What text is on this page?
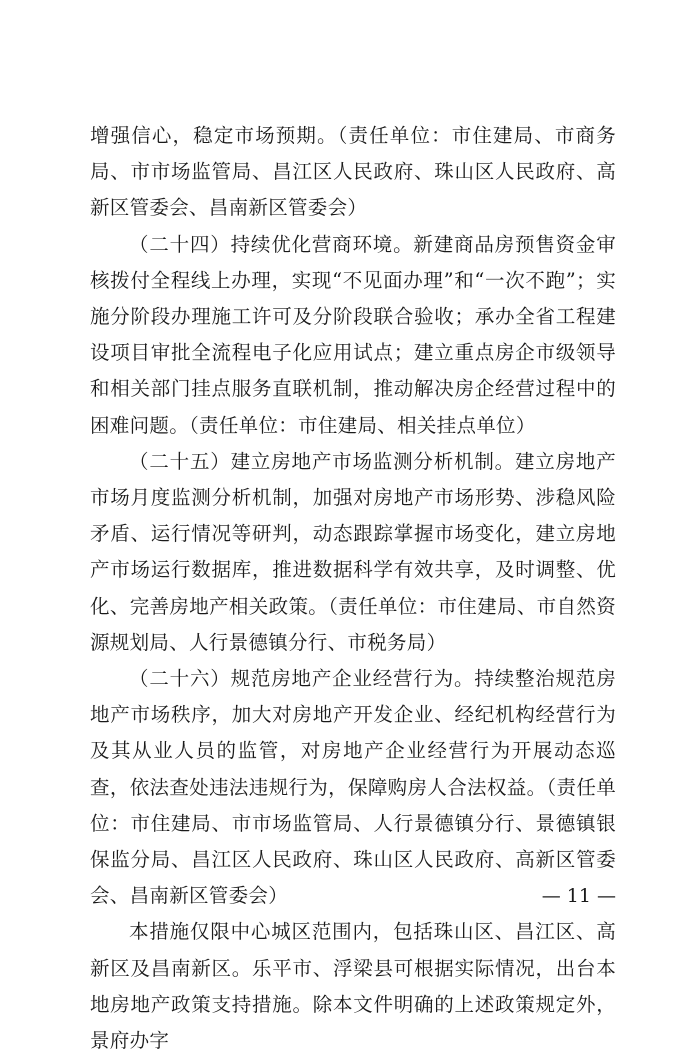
增强信心，稳定市场预期。（责任单位：市住建局、市商务局、市市场监管局、昌江区人民政府、珠山区人民政府、高新区管委会、昌南新区管委会）

（二十四）持续优化营商环境。新建商品房预售资金审核拨付全程线上办理，实现“不见面办理”和“一次不跑”；实施分阶段办理施工许可及分阶段联合验收；承办全省工程建设项目审批全流程电子化应用试点；建立重点房企市级领导和相关部门挂点服务直联机制，推动解决房企经营过程中的困难问题。（责任单位：市住建局、相关挂点单位）

（二十五）建立房地产市场监测分析机制。建立房地产市场月度监测分析机制，加强对房地产市场形势、涉稳风险矛盾、运行情况等研判，动态跟踪掌握市场变化，建立房地产市场运行数据库，推进数据科学有效共享，及时调整、优化、完善房地产相关政策。（责任单位：市住建局、市自然资源规划局、人行景德镇分行、市税务局）

（二十六）规范房地产企业经营行为。持续整治规范房地产市场秩序，加大对房地产开发企业、经纪机构经营行为及其从业人员的监管，对房地产企业经营行为开展动态巡查，依法查处违法违规行为，保障购房人合法权益。（责任单位：市住建局、市市场监管局、人行景德镇分行、景德镇银保监分局、昌江区人民政府、珠山区人民政府、高新区管委会、昌南新区管委会）

本措施仅限中心城区范围内，包括珠山区、昌江区、高新区及昌南新区。乐平市、浮梁县可根据实际情况，出台本地房地产政策支持措施。除本文件明确的上述政策规定外，景府办字

— 11 —
